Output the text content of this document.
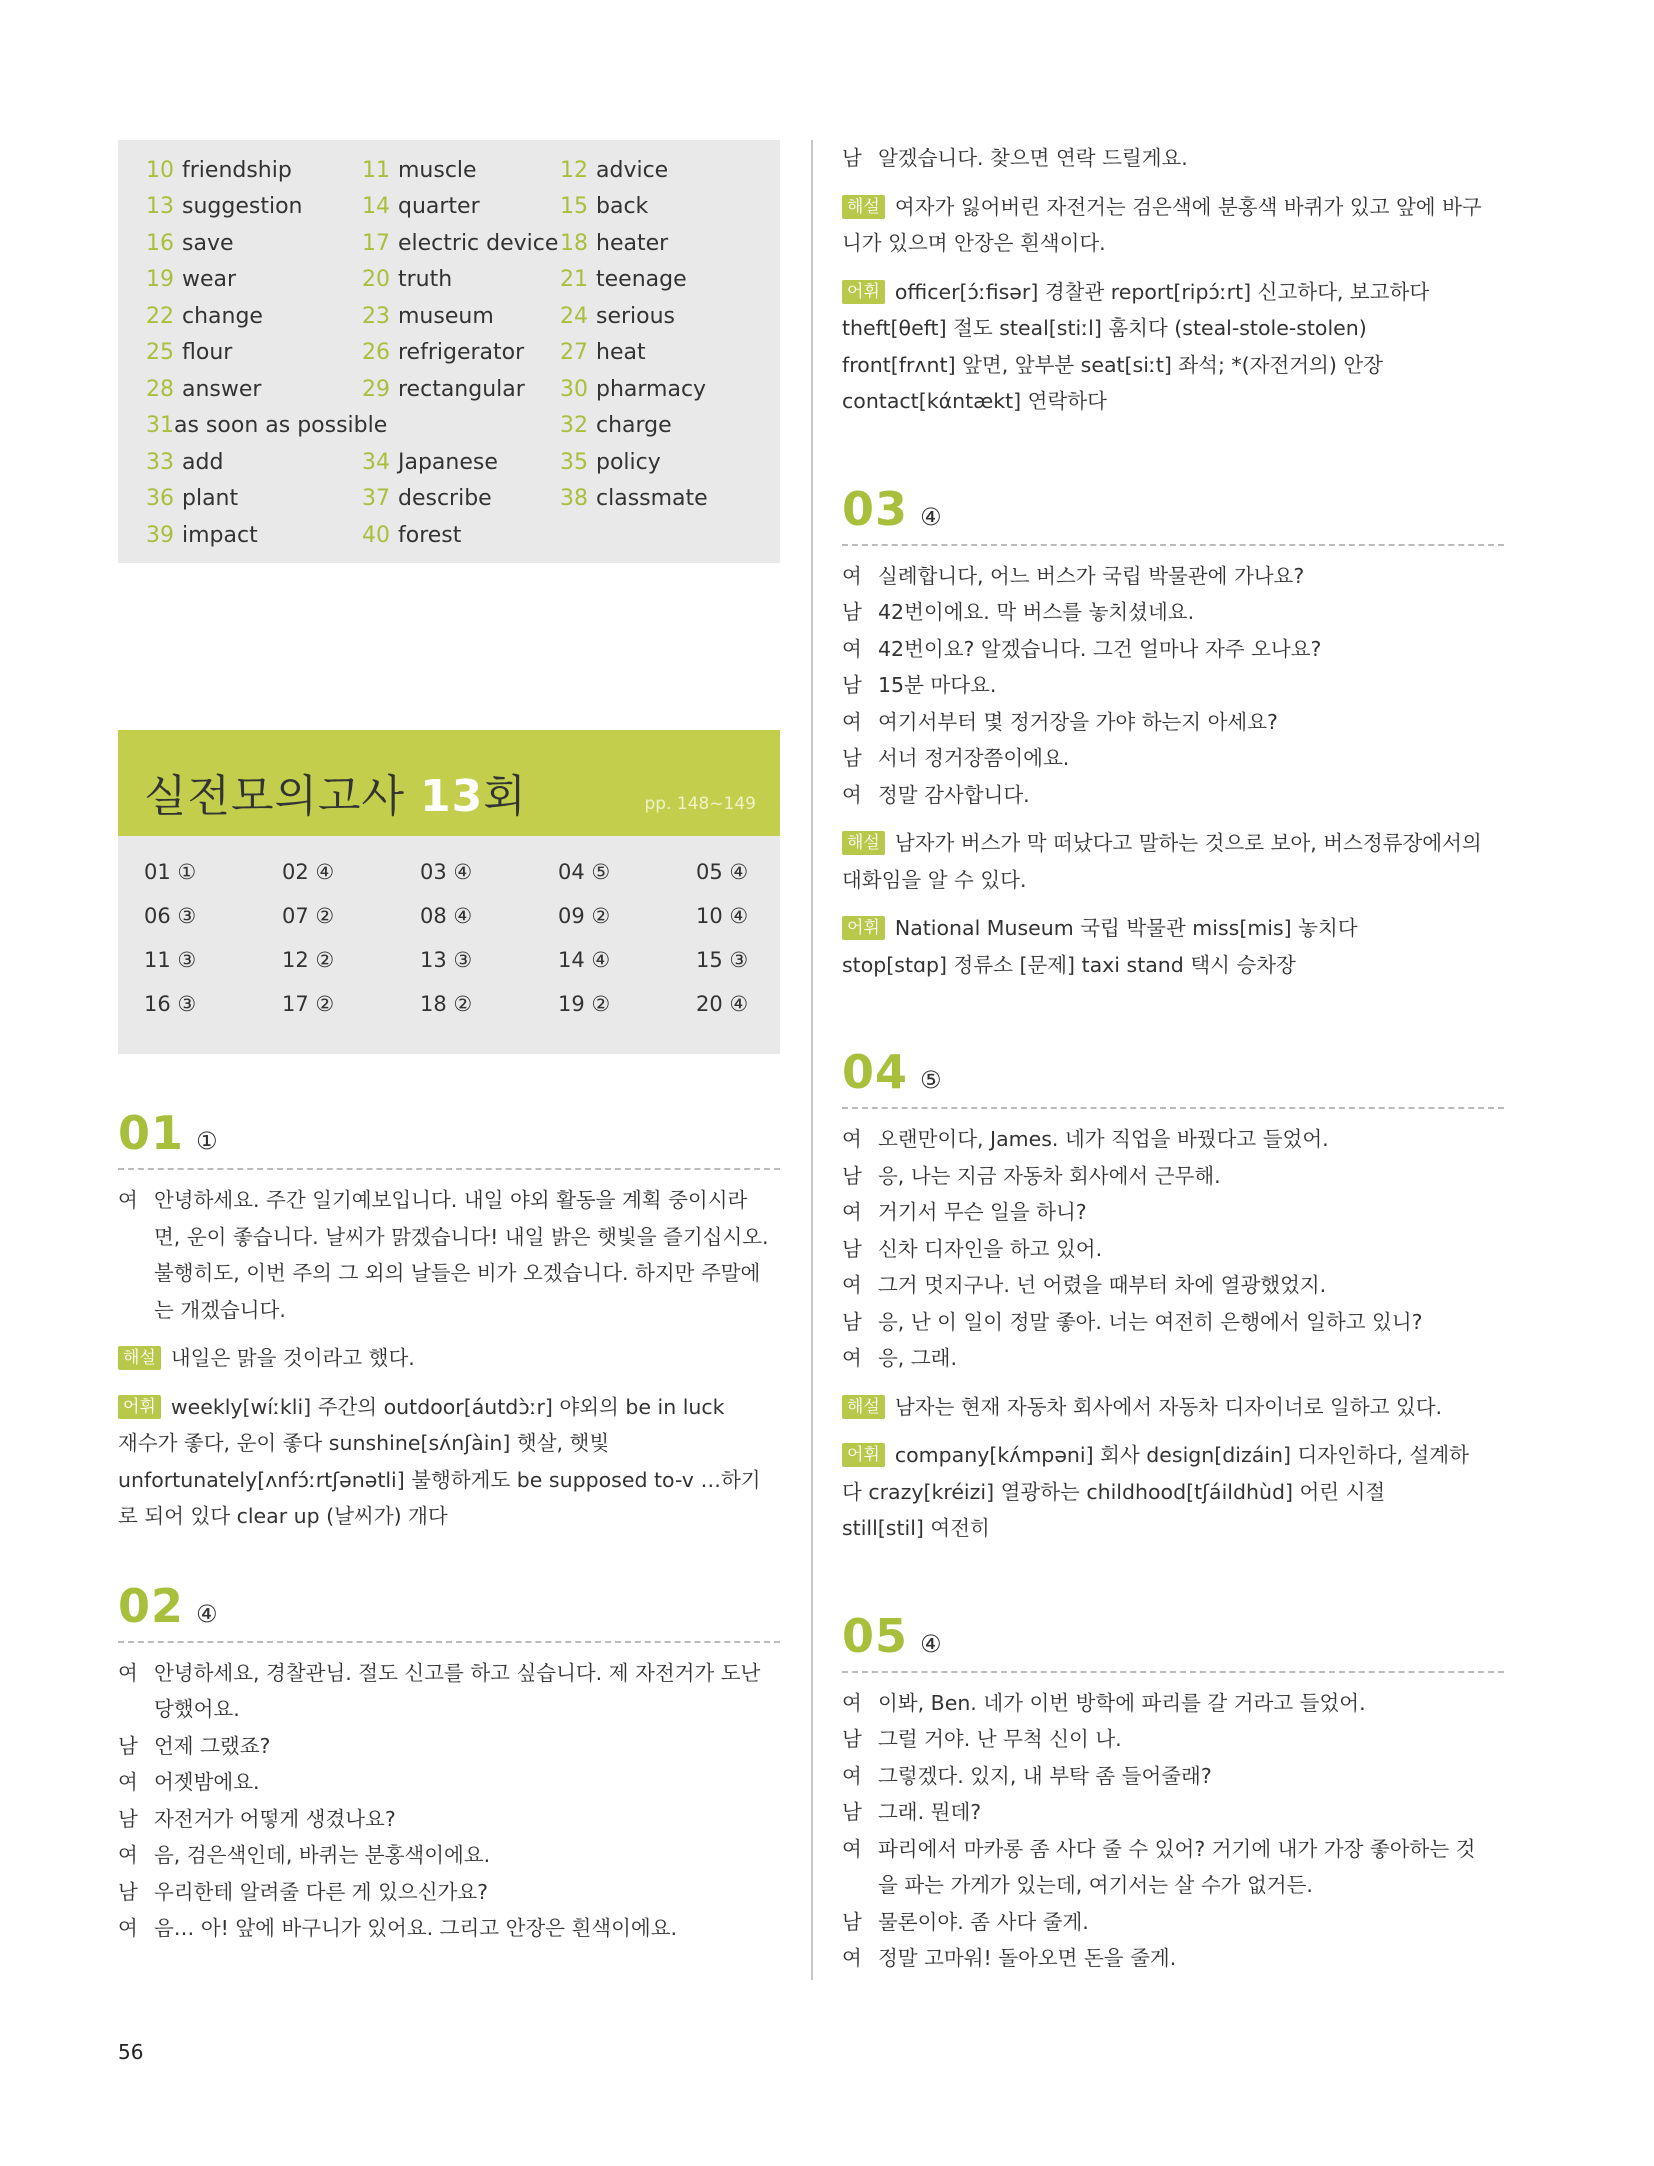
10 friendship	11 muscle	12 advice
13 suggestion	14 quarter	15 back
16 save	17 electric device 18 heater
19 wear	20 truth	21 teenage
22 change	23 museum	24 serious
25 flour	26 refrigerator 27 heat
28 answer	29 rectangular 30 pharmacy
31 as soon as possible	32 charge
33 add	34 Japanese	35 policy
36 plant	37 describe	38 classmate
39 impact	40 forest
실전모의고사 13회	pp. 148~149
01 ①	02 ④	03 ④	04 ⑤	05 ④
06 ③	07 ②	08 ④	09 ②	10 ④
11 ③	12 ②	13 ③	14 ④	15 ③
16 ③	17 ②	18 ②	19 ②	20 ④
01 ①
여 안녕하세요. 주간 일기예보입니다. 내일 야외 활동을 계획 중이시라
면, 운이 좋습니다. 날씨가 맑겠습니다! 내일 밝은 햇빛을 즐기십시오.
불행히도, 이번 주의 그 외의 날들은 비가 오겠습니다. 하지만 주말에
는 개겠습니다.
해설 내일은 맑을 것이라고 했다.
어휘 weekly[wíːkli] 주간의 outdoor[áutdɔ̀ːr] 야외의 be in luck
재수가 좋다, 운이 좋다 sunshine[sʌ́nʃàin] 햇살, 햇빛
unfortunately[ʌnfɔ́ːrtʃənətli] 불행하게도 be supposed to-v …하기
로 되어 있다 clear up (날씨가) 개다
02 ④
여 안녕하세요, 경찰관님. 절도 신고를 하고 싶습니다. 제 자전거가 도난
당했어요.
남 언제 그랬죠?
여 어젯밤에요.
남 자전거가 어떻게 생겼나요?
여 음, 검은색인데, 바퀴는 분홍색이에요.
남 우리한테 알려줄 다른 게 있으신가요?
여 음… 아! 앞에 바구니가 있어요. 그리고 안장은 흰색이에요.
남 알겠습니다. 찾으면 연락 드릴게요.
해설 여자가 잃어버린 자전거는 검은색에 분홍색 바퀴가 있고 앞에 바구
니가 있으며 안장은 흰색이다.
어휘 officer[ɔ́ːfisər] 경찰관 report[ripɔ́ːrt] 신고하다, 보고하다
theft[θeft] 절도 steal[stiːl] 훔치다 (steal-stole-stolen)
front[frʌnt] 앞면, 앞부분 seat[siːt] 좌석; *(자전거의) 안장
contact[kάntækt] 연락하다
03 ④
여 실례합니다, 어느 버스가 국립 박물관에 가나요?
남 42번이에요. 막 버스를 놓치셨네요.
여 42번이요? 알겠습니다. 그건 얼마나 자주 오나요?
남 15분 마다요.
여 여기서부터 몇 정거장을 가야 하는지 아세요?
남 서너 정거장쯤이에요.
여 정말 감사합니다.
해설 남자가 버스가 막 떠났다고 말하는 것으로 보아, 버스정류장에서의
대화임을 알 수 있다.
어휘 National Museum 국립 박물관 miss[mis] 놓치다
stop[stɑp] 정류소 [문제] taxi stand 택시 승차장
04 ⑤
여 오랜만이다, James. 네가 직업을 바꿨다고 들었어.
남 응, 나는 지금 자동차 회사에서 근무해.
여 거기서 무슨 일을 하니?
남 신차 디자인을 하고 있어.
여 그거 멋지구나. 넌 어렸을 때부터 차에 열광했었지.
남 응, 난 이 일이 정말 좋아. 너는 여전히 은행에서 일하고 있니?
여 응, 그래.
해설 남자는 현재 자동차 회사에서 자동차 디자이너로 일하고 있다.
어휘 company[kʌ́mpəni] 회사 design[dizáin] 디자인하다, 설계하
다 crazy[kréizi] 열광하는 childhood[tʃáildhùd] 어린 시절
still[stil] 여전히
05 ④
여 이봐, Ben. 네가 이번 방학에 파리를 갈 거라고 들었어.
남 그럴 거야. 난 무척 신이 나.
여 그렇겠다. 있지, 내 부탁 좀 들어줄래?
남 그래. 뭔데?
여 파리에서 마카롱 좀 사다 줄 수 있어? 거기에 내가 가장 좋아하는 것
을 파는 가게가 있는데, 여기서는 살 수가 없거든.
남 물론이야. 좀 사다 줄게.
여 정말 고마워! 돌아오면 돈을 줄게.
56
